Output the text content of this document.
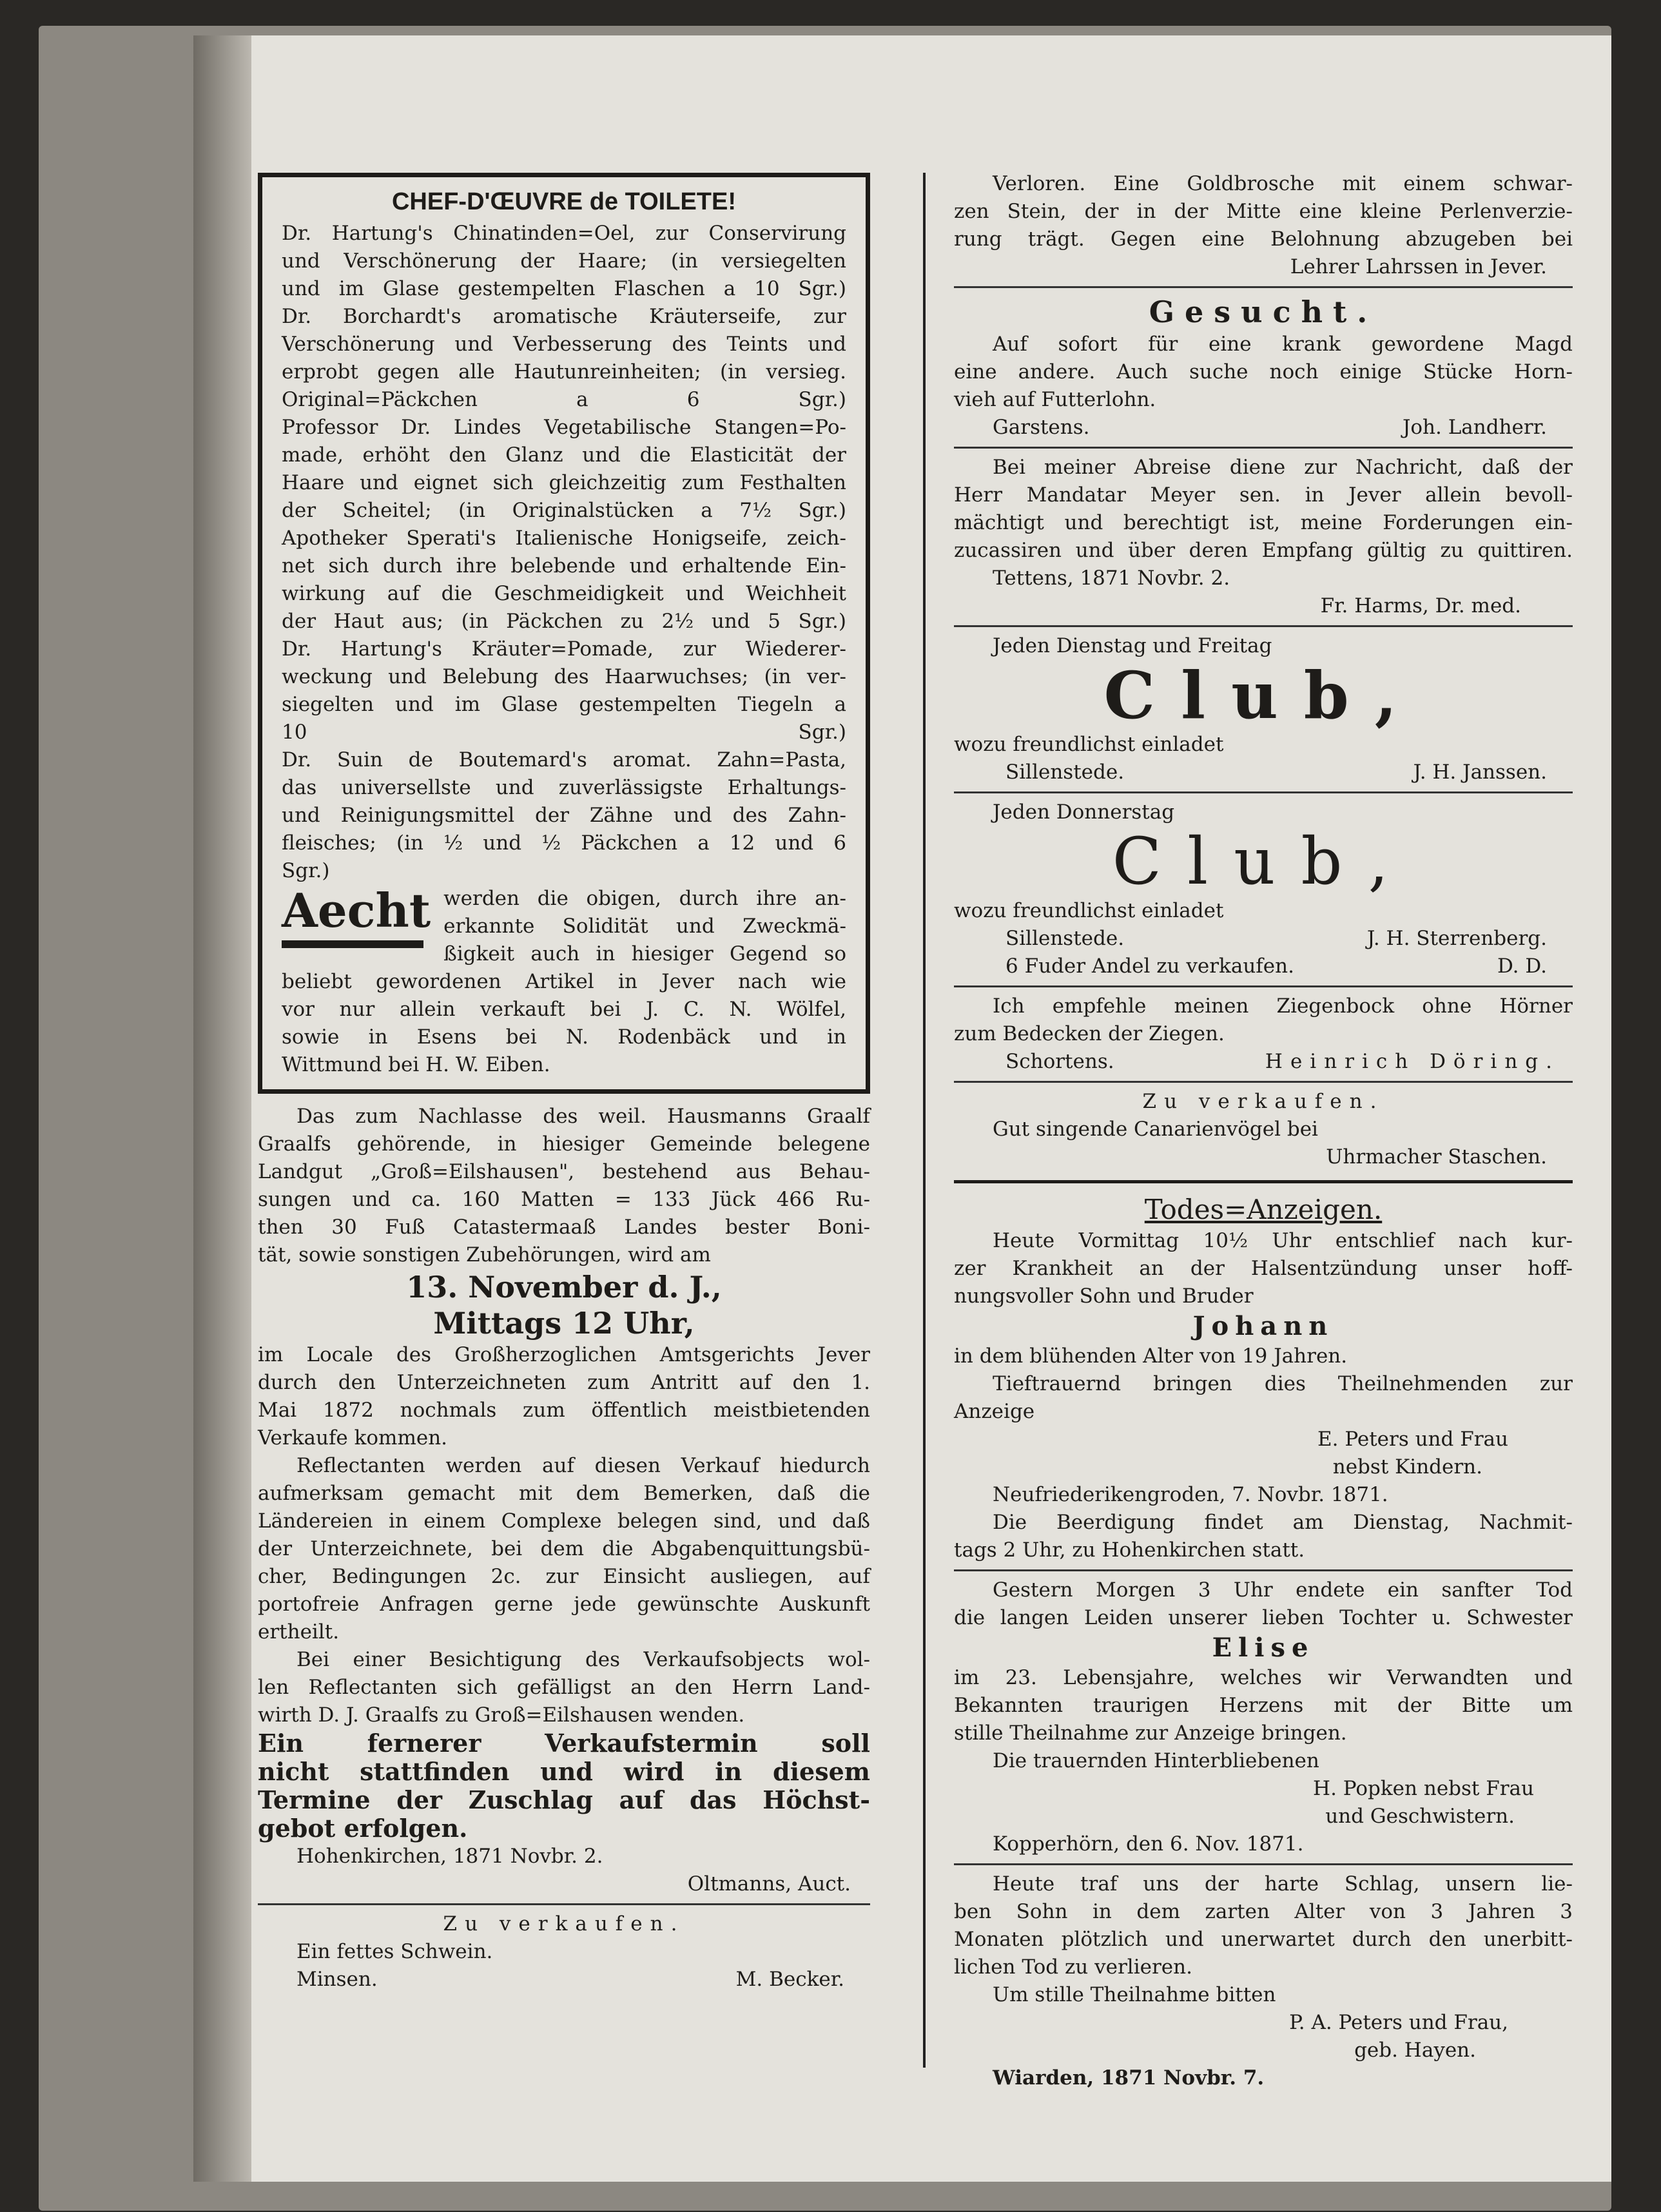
CHEF-D'ŒUVRE de TOILETE!

Dr. Hartung's Chinatinden=Oel, zur Conservirung

und Verschönerung der Haare; (in versiegelten

und im Glase gestempelten Flaschen a 10 Sgr.)

Dr. Borchardt's aromatische Kräuterseife, zur

Verschönerung und Verbesserung des Teints und

erprobt gegen alle Hautunreinheiten; (in versieg.

Original=Päckchen a 6 Sgr.)

Professor Dr. Lindes Vegetabilische Stangen=Po-

made, erhöht den Glanz und die Elasticität der

Haare und eignet sich gleichzeitig zum Festhalten

der Scheitel; (in Originalstücken a 7½ Sgr.)

Apotheker Sperati's Italienische Honigseife, zeich-

net sich durch ihre belebende und erhaltende Ein-

wirkung auf die Geschmeidigkeit und Weichheit

der Haut aus; (in Päckchen zu 2½ und 5 Sgr.)

Dr. Hartung's Kräuter=Pomade, zur Wiederer-

weckung und Belebung des Haarwuchses; (in ver-

siegelten und im Glase gestempelten Tiegeln a

10 Sgr.)

Dr. Suin de Boutemard's aromat. Zahn=Pasta,

das universellste und zuverlässigste Erhaltungs-

und Reinigungsmittel der Zähne und des Zahn-

fleisches; (in ½ und ½ Päckchen a 12 und 6

Sgr.)

Aecht werden die obigen, durch ihre an-

erkannte Solidität und Zweckmä-

ßigkeit auch in hiesiger Gegend so

beliebt gewordenen Artikel in Jever nach wie

vor nur allein verkauft bei J. C. N. Wölfel,

sowie in Esens bei N. Rodenbäck und in

Wittmund bei H. W. Eiben.

Das zum Nachlasse des weil. Hausmanns Graalf

Graalfs gehörende, in hiesiger Gemeinde belegene

Landgut „Groß=Eilshausen", bestehend aus Behau-

sungen und ca. 160 Matten = 133 Jück 466 Ru-

then 30 Fuß Catastermaaß Landes bester Boni-

tät, sowie sonstigen Zubehörungen, wird am

13. November d. J.,
Mittags 12 Uhr,

im Locale des Großherzoglichen Amtsgerichts Jever

durch den Unterzeichneten zum Antritt auf den 1.

Mai 1872 nochmals zum öffentlich meistbietenden

Verkaufe kommen.

Reflectanten werden auf diesen Verkauf hiedurch

aufmerksam gemacht mit dem Bemerken, daß die

Ländereien in einem Complexe belegen sind, und daß

der Unterzeichnete, bei dem die Abgabenquittungsbü-

cher, Bedingungen 2c. zur Einsicht ausliegen, auf

portofreie Anfragen gerne jede gewünschte Auskunft

ertheilt.

Bei einer Besichtigung des Verkaufsobjects wol-

len Reflectanten sich gefälligst an den Herrn Land-

wirth D. J. Graalfs zu Groß=Eilshausen wenden.

Ein fernerer Verkaufstermin soll

nicht stattfinden und wird in diesem

Termine der Zuschlag auf das Höchst-

gebot erfolgen.

Hohenkirchen, 1871 Novbr. 2.

Oltmanns, Auct.

Zu verkaufen.

Ein fettes Schwein.

Minsen.	M. Becker.

Verloren. Eine Goldbrosche mit einem schwar-

zen Stein, der in der Mitte eine kleine Perlenverzie-

rung trägt. Gegen eine Belohnung abzugeben bei

Lehrer Lahrssen in Jever.

Gesucht.

Auf sofort für eine krank gewordene Magd

eine andere. Auch suche noch einige Stücke Horn-

vieh auf Futterlohn.

Garstens.	Joh. Landherr.

Bei meiner Abreise diene zur Nachricht, daß der

Herr Mandatar Meyer sen. in Jever allein bevoll-

mächtigt und berechtigt ist, meine Forderungen ein-

zucassiren und über deren Empfang gültig zu quittiren.

Tettens, 1871 Novbr. 2.

Fr. Harms, Dr. med.

Jeden Dienstag und Freitag

Club,

wozu freundlichst einladet

Sillenstede.	J. H. Janssen.

Jeden Donnerstag

Club,

wozu freundlichst einladet

Sillenstede.	J. H. Sterrenberg.
6 Fuder Andel zu verkaufen.	D. D.

Ich empfehle meinen Ziegenbock ohne Hörner

zum Bedecken der Ziegen.

Schortens.	Heinrich Döring.

Zu verkaufen.

Gut singende Canarienvögel bei

Uhrmacher Staschen.

Todes=Anzeigen.

Heute Vormittag 10½ Uhr entschlief nach kur-

zer Krankheit an der Halsentzündung unser hoff-

nungsvoller Sohn und Bruder

Johann

in dem blühenden Alter von 19 Jahren.

Tieftrauernd bringen dies Theilnehmenden zur

Anzeige

E. Peters und Frau

nebst Kindern.

Neufriederikengroden, 7. Novbr. 1871.

Die Beerdigung findet am Dienstag, Nachmit-

tags 2 Uhr, zu Hohenkirchen statt.

Gestern Morgen 3 Uhr endete ein sanfter Tod

die langen Leiden unserer lieben Tochter u. Schwester

Elise

im 23. Lebensjahre, welches wir Verwandten und

Bekannten traurigen Herzens mit der Bitte um

stille Theilnahme zur Anzeige bringen.

Die trauernden Hinterbliebenen

H. Popken nebst Frau

und Geschwistern.

Kopperhörn, den 6. Nov. 1871.

Heute traf uns der harte Schlag, unsern lie-

ben Sohn in dem zarten Alter von 3 Jahren 3

Monaten plötzlich und unerwartet durch den unerbitt-

lichen Tod zu verlieren.

Um stille Theilnahme bitten

P. A. Peters und Frau,

geb. Hayen.

Wiarden, 1871 Novbr. 7.
